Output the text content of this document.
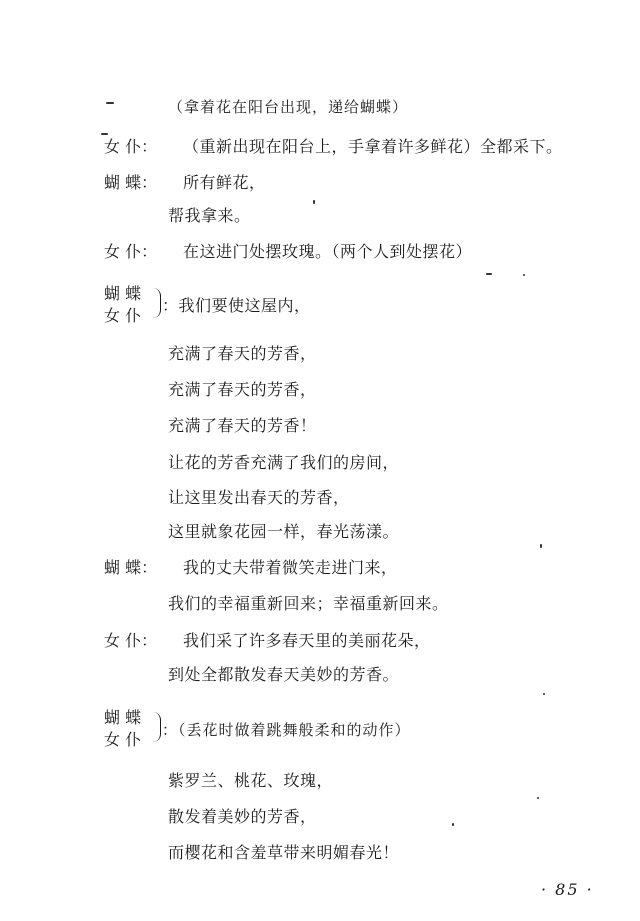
（拿着花在阳台出现，递给蝴蝶）
女 仆： （重新出现在阳台上，手拿着许多鲜花）全都采下。
蝴 蝶： 所有鲜花，
帮我拿来。
女 仆： 在这进门处摆玫瑰。（两个人到处摆花）
蝴 蝶
女 仆
：我们要使这屋内，
充满了春天的芳香，
充满了春天的芳香，
充满了春天的芳香！
让花的芳香充满了我们的房间，
让这里发出春天的芳香，
这里就象花园一样，春光荡漾。
蝴 蝶： 我的丈夫带着微笑走进门来，
我们的幸福重新回来；幸福重新回来。
女 仆： 我们采了许多春天里的美丽花朵，
到处全都散发春天美妙的芳香。
蝴 蝶
女 仆 ：（丢花时做着跳舞般柔和的动作）
紫罗兰、桃花、玫瑰，
散发着美妙的芳香，
而樱花和含羞草带来明媚春光！
· 85 ·
